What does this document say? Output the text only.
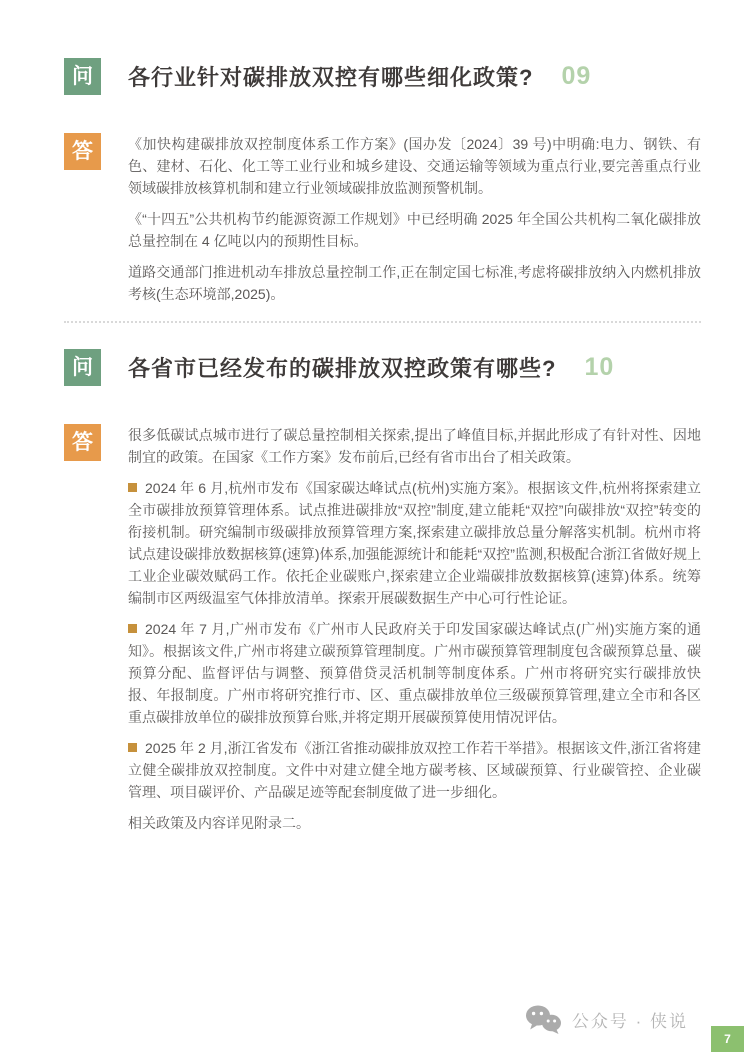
问	各行业针对碳排放双控有哪些细化政策? 09
答	《加快构建碳排放双控制度体系工作方案》(国办发〔2024〕39 号)中明确:电力、钢铁、有色、建材、石化、化工等工业行业和城乡建设、交通运输等领域为重点行业,要完善重点行业领域碳排放核算机制和建立行业领域碳排放监测预警机制。

《“十四五”公共机构节约能源资源工作规划》中已经明确 2025 年全国公共机构二氧化碳排放总量控制在 4 亿吨以内的预期性目标。

道路交通部门推进机动车排放总量控制工作,正在制定国七标准,考虑将碳排放纳入内燃机排放考核(生态环境部,2025)。

问	各省市已经发布的碳排放双控政策有哪些? 10
答	很多低碳试点城市进行了碳总量控制相关探索,提出了峰值目标,并据此形成了有针对性、因地制宜的政策。在国家《工作方案》发布前后,已经有省市出台了相关政策。

2024 年 6 月,杭州市发布《国家碳达峰试点(杭州)实施方案》。根据该文件,杭州将探索建立全市碳排放预算管理体系。试点推进碳排放“双控”制度,建立能耗“双控”向碳排放“双控”转变的衔接机制。研究编制市级碳排放预算管理方案,探索建立碳排放总量分解落实机制。杭州市将试点建设碳排放数据核算(速算)体系,加强能源统计和能耗“双控”监测,积极配合浙江省做好规上工业企业碳效赋码工作。依托企业碳账户,探索建立企业端碳排放数据核算(速算)体系。统筹编制市区两级温室气体排放清单。探索开展碳数据生产中心可行性论证。

2024 年 7 月,广州市发布《广州市人民政府关于印发国家碳达峰试点(广州)实施方案的通知》。根据该文件,广州市将建立碳预算管理制度。广州市碳预算管理制度包含碳预算总量、碳预算分配、监督评估与调整、预算借贷灵活机制等制度体系。广州市将研究实行碳排放快报、年报制度。广州市将研究推行市、区、重点碳排放单位三级碳预算管理,建立全市和各区重点碳排放单位的碳排放预算台账,并将定期开展碳预算使用情况评估。

2025 年 2 月,浙江省发布《浙江省推动碳排放双控工作若干举措》。根据该文件,浙江省将建立健全碳排放双控制度。文件中对建立健全地方碳考核、区域碳预算、行业碳管控、企业碳管理、项目碳评价、产品碳足迹等配套制度做了进一步细化。

相关政策及内容详见附录二。

公众号 · 侠说
7
